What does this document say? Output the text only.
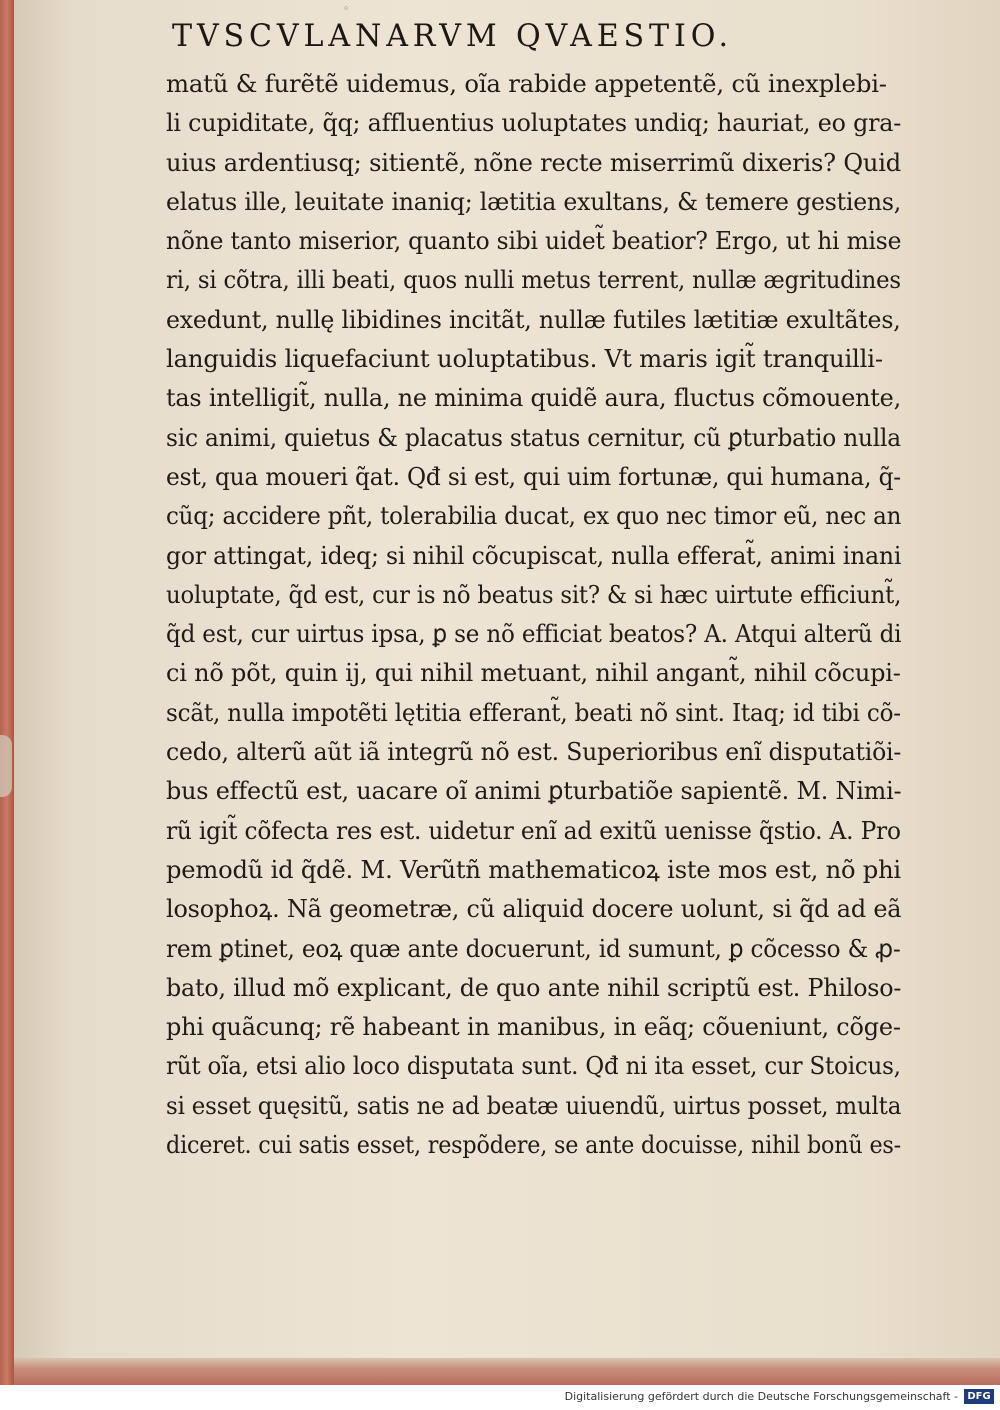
◦
TVSCVLANARVM QVAESTIO.
matũ & furẽtẽ uidemus, oĩa rabide appetentẽ, cũ inexplebi-
li cupiditate, q̃q; affluentius uoluptates undiq; hauriat, eo gra-
uius ardentiusq; sitientẽ, nõne recte miserrimũ dixeris? Quid
elatus ille, leuitate inaniq; lætitia exultans, & temere gestiens,
nõne tanto miserior, quanto sibi uidet̃ beatior? Ergo, ut hi mise
ri, si cõtra, illi beati, quos nulli metus terrent, nullæ ægritudines
exedunt, nullę libidines incitãt, nullæ futiles lætitiæ exultãtes,
languidis liquefaciunt uoluptatibus. Vt maris igit̃ tranquilli-
tas intelligit̃, nulla, ne minima quidẽ aura, fluctus cõmouente,
sic animi, quietus & placatus status cernitur, cũ ꝑturbatio nulla
est, qua moueri q̃at. Qđ si est, qui uim fortunæ, qui humana, q̃-
cũq; accidere pñt, tolerabilia ducat, ex quo nec timor eũ, nec an
gor attingat, ideq; si nihil cõcupiscat, nulla efferat̃, animi inani
uoluptate, q̃d est, cur is nõ beatus sit? & si hæc uirtute efficiunt̃,
q̃d est, cur uirtus ipsa, ꝑ se nõ efficiat beatos? A. Atqui alterũ di
ci nõ põt, quin ij, qui nihil metuant, nihil angant̃, nihil cõcupi-
scãt, nulla impotẽti lętitia efferant̃, beati nõ sint. Itaq; id tibi cõ-
cedo, alterũ aũt iã integrũ nõ est. Superioribus enĩ disputatiõi-
bus effectũ est, uacare oĩ animi ꝑturbatiõe sapientẽ. M. Nimi-
rũ igit̃ cõfecta res est. uidetur enĩ ad exitũ uenisse q̃stio. A. Pro
pemodũ id q̃dẽ. M. Verũtñ mathematicoꝝ iste mos est, nõ phi
losophoꝝ. Nã geometræ, cũ aliquid docere uolunt, si q̃d ad eã
rem ꝑtinet, eoꝝ quæ ante docuerunt, id sumunt, ꝑ cõcesso & ꝓ-
bato, illud mõ explicant, de quo ante nihil scriptũ est. Philoso-
phi quãcunq; rẽ habeant in manibus, in eãq; cõueniunt, cõge-
rũt oĩa, etsi alio loco disputata sunt. Qđ ni ita esset, cur Stoicus,
si esset quęsitũ, satis ne ad beatæ uiuendũ, uirtus posset, multa
diceret. cui satis esset, respõdere, se ante docuisse, nihil bonũ es-
Digitalisierung gefördert durch die Deutsche Forschungsgemeinschaft - DFG
